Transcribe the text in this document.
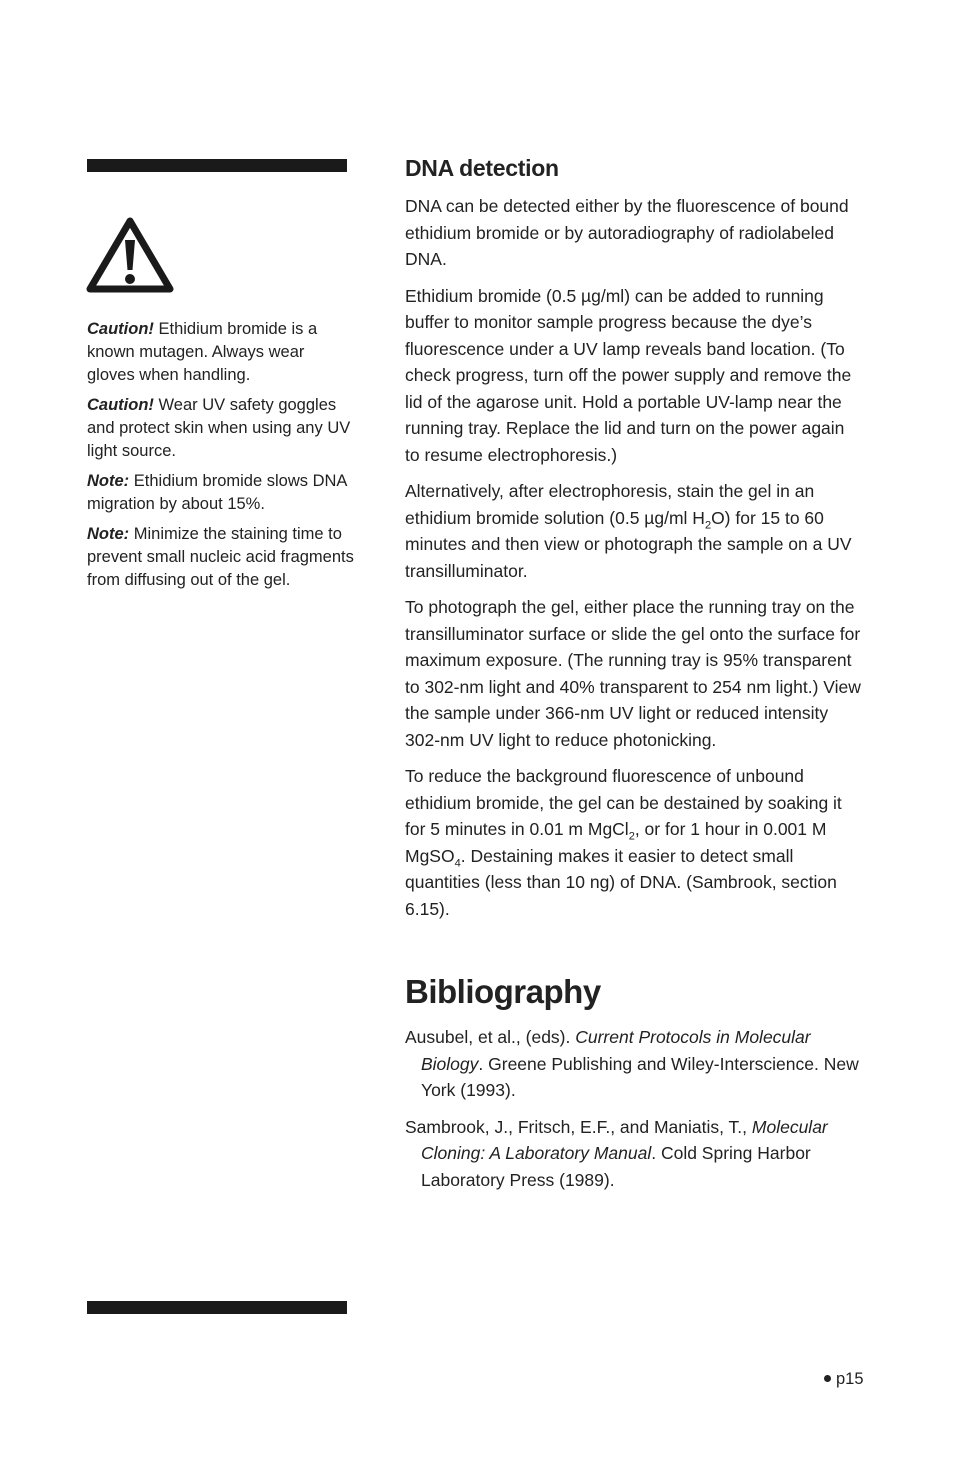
Caution! Ethidium bromide is a known mutagen. Always wear gloves when handling.

Caution! Wear UV safety goggles and protect skin when using any UV light source.

Note: Ethidium bromide slows DNA migration by about 15%.

Note: Minimize the staining time to prevent small nucleic acid fragments from diffusing out of the gel.

DNA detection

DNA can be detected either by the fluorescence of bound ethidium bromide or by autoradiography of radiolabeled DNA.

Ethidium bromide (0.5 µg/ml) can be added to running buffer to monitor sample progress because the dye’s fluorescence under a UV lamp reveals band location. (To check progress, turn off the power supply and remove the lid of the agarose unit. Hold a portable UV-lamp near the running tray. Replace the lid and turn on the power again to resume electrophoresis.)

Alternatively, after electrophoresis, stain the gel in an ethidium bromide solution (0.5 µg/ml $H_2O$) for 15 to 60 minutes and then view or photograph the sample on a UV transilluminator.

To photograph the gel, either place the running tray on the transilluminator surface or slide the gel onto the surface for maximum exposure. (The running tray is 95% transparent to 302-nm light and 40% transparent to 254 nm light.) View the sample under 366-nm UV light or reduced intensity 302-nm UV light to reduce photonicking.

To reduce the background fluorescence of unbound ethidium bromide, the gel can be destained by soaking it for 5 minutes in 0.01 m MgCl$_2$, or for 1 hour in 0.001 M MgSO$_4$. Destaining makes it easier to detect small quantities (less than 10 ng) of DNA. (Sambrook, section 6.15).

Bibliography

Ausubel, et al., (eds). Current Protocols in Molecular Biology. Greene Publishing and Wiley-Interscience. New York (1993).

Sambrook, J., Fritsch, E.F., and Maniatis, T., Molecular Cloning: A Laboratory Manual. Cold Spring Harbor Laboratory Press (1989).

p15
